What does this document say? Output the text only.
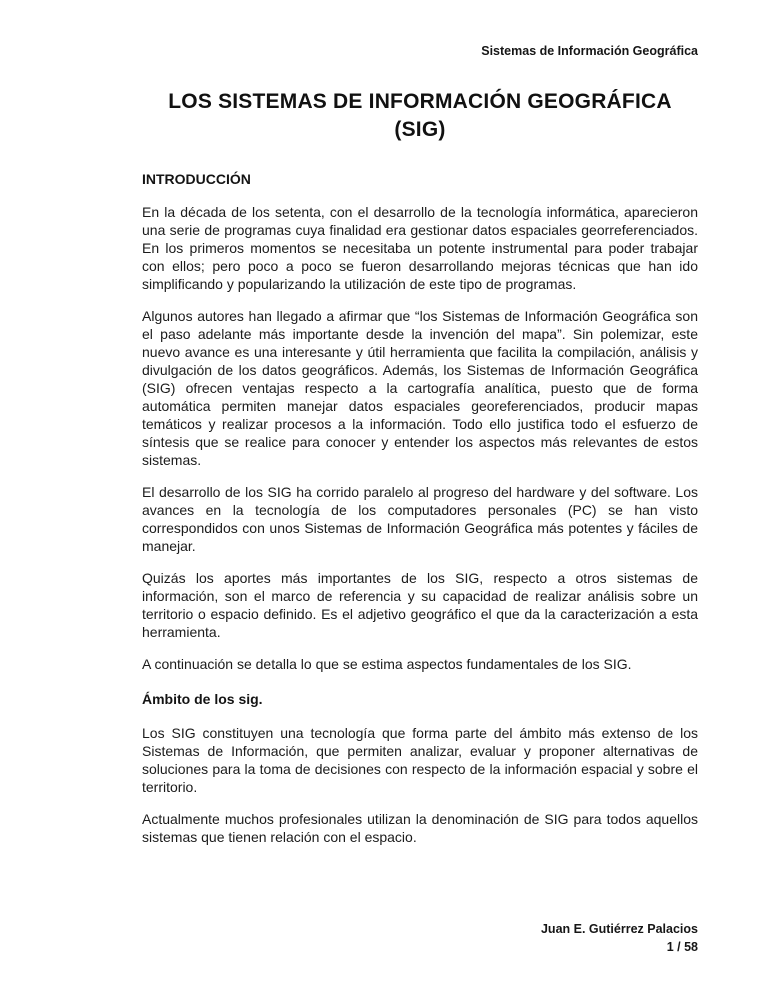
Sistemas de Información Geográfica
LOS SISTEMAS DE INFORMACIÓN GEOGRÁFICA
(SIG)
INTRODUCCIÓN

En la década de los setenta, con el desarrollo de la tecnología informática, aparecieron una serie de programas cuya finalidad era gestionar datos espaciales georreferenciados. En los primeros momentos se necesitaba un potente instrumental para poder trabajar con ellos; pero poco a poco se fueron desarrollando mejoras técnicas que han ido simplificando y popularizando la utilización de este tipo de programas.

Algunos autores han llegado a afirmar que “los Sistemas de Información Geográfica son el paso adelante más importante desde la invención del mapa”. Sin polemizar, este nuevo avance es una interesante y útil herramienta que facilita la compilación, análisis y divulgación de los datos geográficos. Además, los Sistemas de Información Geográfica (SIG) ofrecen ventajas respecto a la cartografía analítica, puesto que de forma automática permiten manejar datos espaciales georeferenciados, producir mapas temáticos y realizar procesos a la información. Todo ello justifica todo el esfuerzo de síntesis que se realice para conocer y entender los aspectos más relevantes de estos sistemas.

El desarrollo de los SIG ha corrido paralelo al progreso del hardware y del software. Los avances en la tecnología de los computadores personales (PC) se han visto correspondidos con unos Sistemas de Información Geográfica más potentes y fáciles de manejar.

Quizás los aportes más importantes de los SIG, respecto a otros sistemas de información, son el marco de referencia y su capacidad de realizar análisis sobre un territorio o espacio definido. Es el adjetivo geográfico el que da la caracterización a esta herramienta.

A continuación se detalla lo que se estima aspectos fundamentales de los SIG.

Ámbito de los sig.

Los SIG constituyen una tecnología que forma parte del ámbito más extenso de los Sistemas de Información, que permiten analizar, evaluar y proponer alternativas de soluciones para la toma de decisiones con respecto de la información espacial y sobre el territorio.

Actualmente muchos profesionales utilizan la denominación de SIG para todos aquellos sistemas que tienen relación con el espacio.

Juan E. Gutiérrez Palacios
1 / 58
